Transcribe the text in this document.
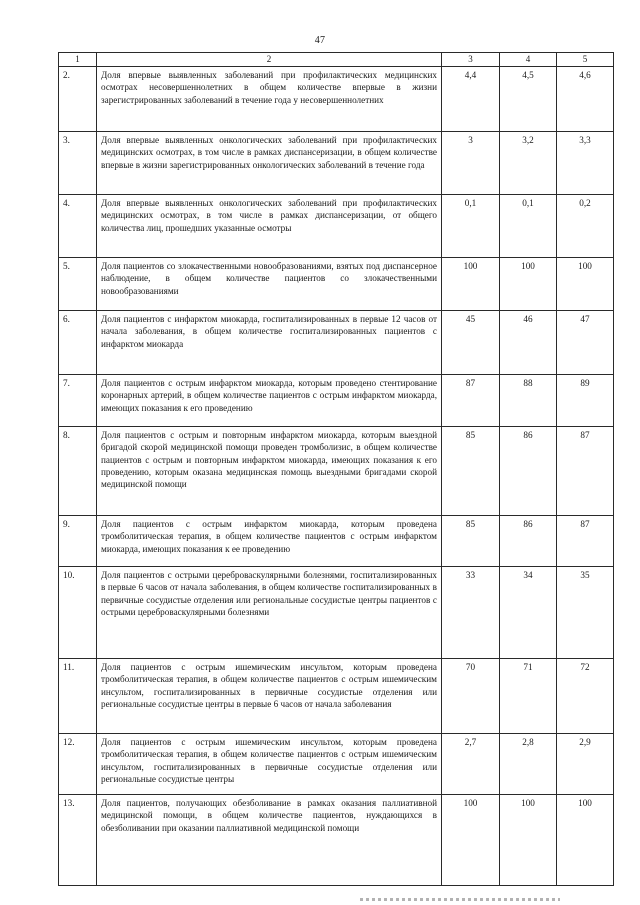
47
1	2	3	4	5
2.	Доля впервые выявленных заболеваний при профилактических медицинских осмотрах несовершеннолетних в общем количестве впервые в жизни зарегистрированных заболеваний в течение года у несовершеннолетних	4,4	4,5	4,6
3.	Доля впервые выявленных онкологических заболеваний при профилактических медицинских осмотрах, в том числе в рамках диспансеризации, в общем количестве впервые в жизни зарегистрированных онкологических заболеваний в течение года	3	3,2	3,3
4.	Доля впервые выявленных онкологических заболеваний при профилактических медицинских осмотрах, в том числе в рамках диспансеризации, от общего количества лиц, прошедших указанные осмотры	0,1	0,1	0,2
5.	Доля пациентов со злокачественными новообразованиями, взятых под диспансерное наблюдение, в общем количестве пациентов со злокачественными новообразованиями	100	100	100
6.	Доля пациентов с инфарктом миокарда, госпитализированных в первые 12 часов от начала заболевания, в общем количестве госпитализированных пациентов с инфарктом миокарда	45	46	47
7.	Доля пациентов с острым инфарктом миокарда, которым проведено стентирование коронарных артерий, в общем количестве пациентов с острым инфарктом миокарда, имеющих показания к его проведению	87	88	89
8.	Доля пациентов с острым и повторным инфарктом миокарда, которым выездной бригадой скорой медицинской помощи проведен тромболизис, в общем количестве пациентов с острым и повторным инфарктом миокарда, имеющих показания к его проведению, которым оказана медицинская помощь выездными бригадами скорой медицинской помощи	85	86	87
9.	Доля пациентов с острым инфарктом миокарда, которым проведена тромболитическая терапия, в общем количестве пациентов с острым инфарктом миокарда, имеющих показания к ее проведению	85	86	87
10.	Доля пациентов с острыми цереброваскулярными болезнями, госпитализированных в первые 6 часов от начала заболевания, в общем количестве госпитализированных в первичные сосудистые отделения или региональные сосудистые центры пациентов с острыми цереброваскулярными болезнями	33	34	35
11.	Доля пациентов с острым ишемическим инсультом, которым проведена тромболитическая терапия, в общем количестве пациентов с острым ишемическим инсультом, госпитализированных в первичные сосудистые отделения или региональные сосудистые центры в первые 6 часов от начала заболевания	70	71	72
12.	Доля пациентов с острым ишемическим инсультом, которым проведена тромболитическая терапия, в общем количестве пациентов с острым ишемическим инсультом, госпитализированных в первичные сосудистые отделения или региональные сосудистые центры	2,7	2,8	2,9
13.	Доля пациентов, получающих обезболивание в рамках оказания паллиативной медицинской помощи, в общем количестве пациентов, нуждающихся в обезболивании при оказании паллиативной медицинской помощи	100	100	100
